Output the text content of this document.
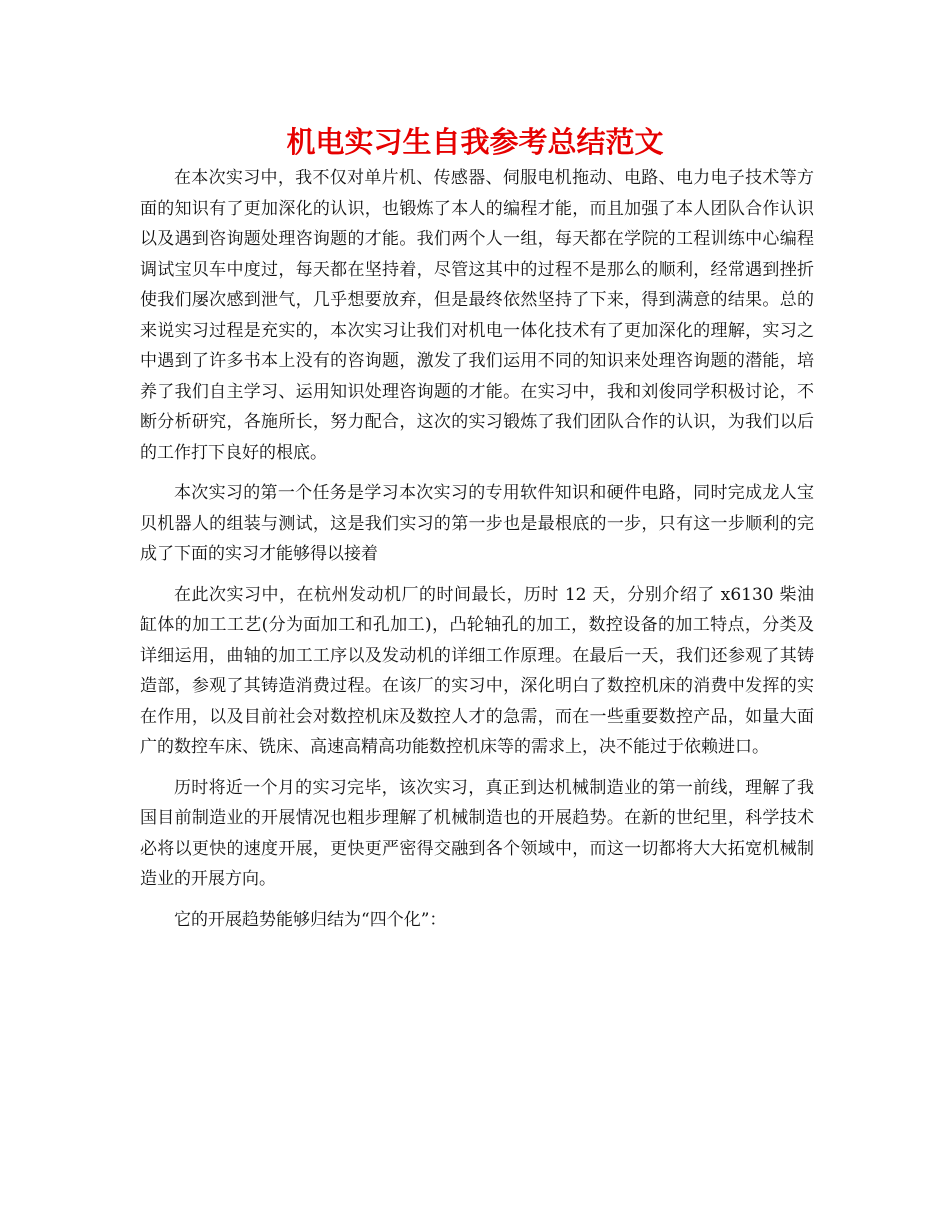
机电实习生自我参考总结范文

在本次实习中，我不仅对单片机、传感器、伺服电机拖动、电路、电力电子技术等方面的知识有了更加深化的认识，也锻炼了本人的编程才能，而且加强了本人团队合作认识以及遇到咨询题处理咨询题的才能。我们两个人一组，每天都在学院的工程训练中心编程调试宝贝车中度过，每天都在坚持着，尽管这其中的过程不是那么的顺利，经常遇到挫折使我们屡次感到泄气，几乎想要放弃，但是最终依然坚持了下来，得到满意的结果。总的来说实习过程是充实的，本次实习让我们对机电一体化技术有了更加深化的理解，实习之中遇到了许多书本上没有的咨询题，激发了我们运用不同的知识来处理咨询题的潜能，培养了我们自主学习、运用知识处理咨询题的才能。在实习中，我和刘俊同学积极讨论，不断分析研究，各施所长，努力配合，这次的实习锻炼了我们团队合作的认识，为我们以后的工作打下良好的根底。

本次实习的第一个任务是学习本次实习的专用软件知识和硬件电路，同时完成龙人宝贝机器人的组装与测试，这是我们实习的第一步也是最根底的一步，只有这一步顺利的完成了下面的实习才能够得以接着

在此次实习中，在杭州发动机厂的时间最长，历时 12 天，分别介绍了 x6130 柴油缸体的加工工艺(分为面加工和孔加工)，凸轮轴孔的加工，数控设备的加工特点，分类及详细运用，曲轴的加工工序以及发动机的详细工作原理。在最后一天，我们还参观了其铸造部，参观了其铸造消费过程。在该厂的实习中，深化明白了数控机床的消费中发挥的实在作用，以及目前社会对数控机床及数控人才的急需，而在一些重要数控产品，如量大面广的数控车床、铣床、高速高精高功能数控机床等的需求上，决不能过于依赖进口。

历时将近一个月的实习完毕，该次实习，真正到达机械制造业的第一前线，理解了我国目前制造业的开展情况也粗步理解了机械制造也的开展趋势。在新的世纪里，科学技术必将以更快的速度开展，更快更严密得交融到各个领域中，而这一切都将大大拓宽机械制造业的开展方向。

它的开展趋势能够归结为“四个化”：
